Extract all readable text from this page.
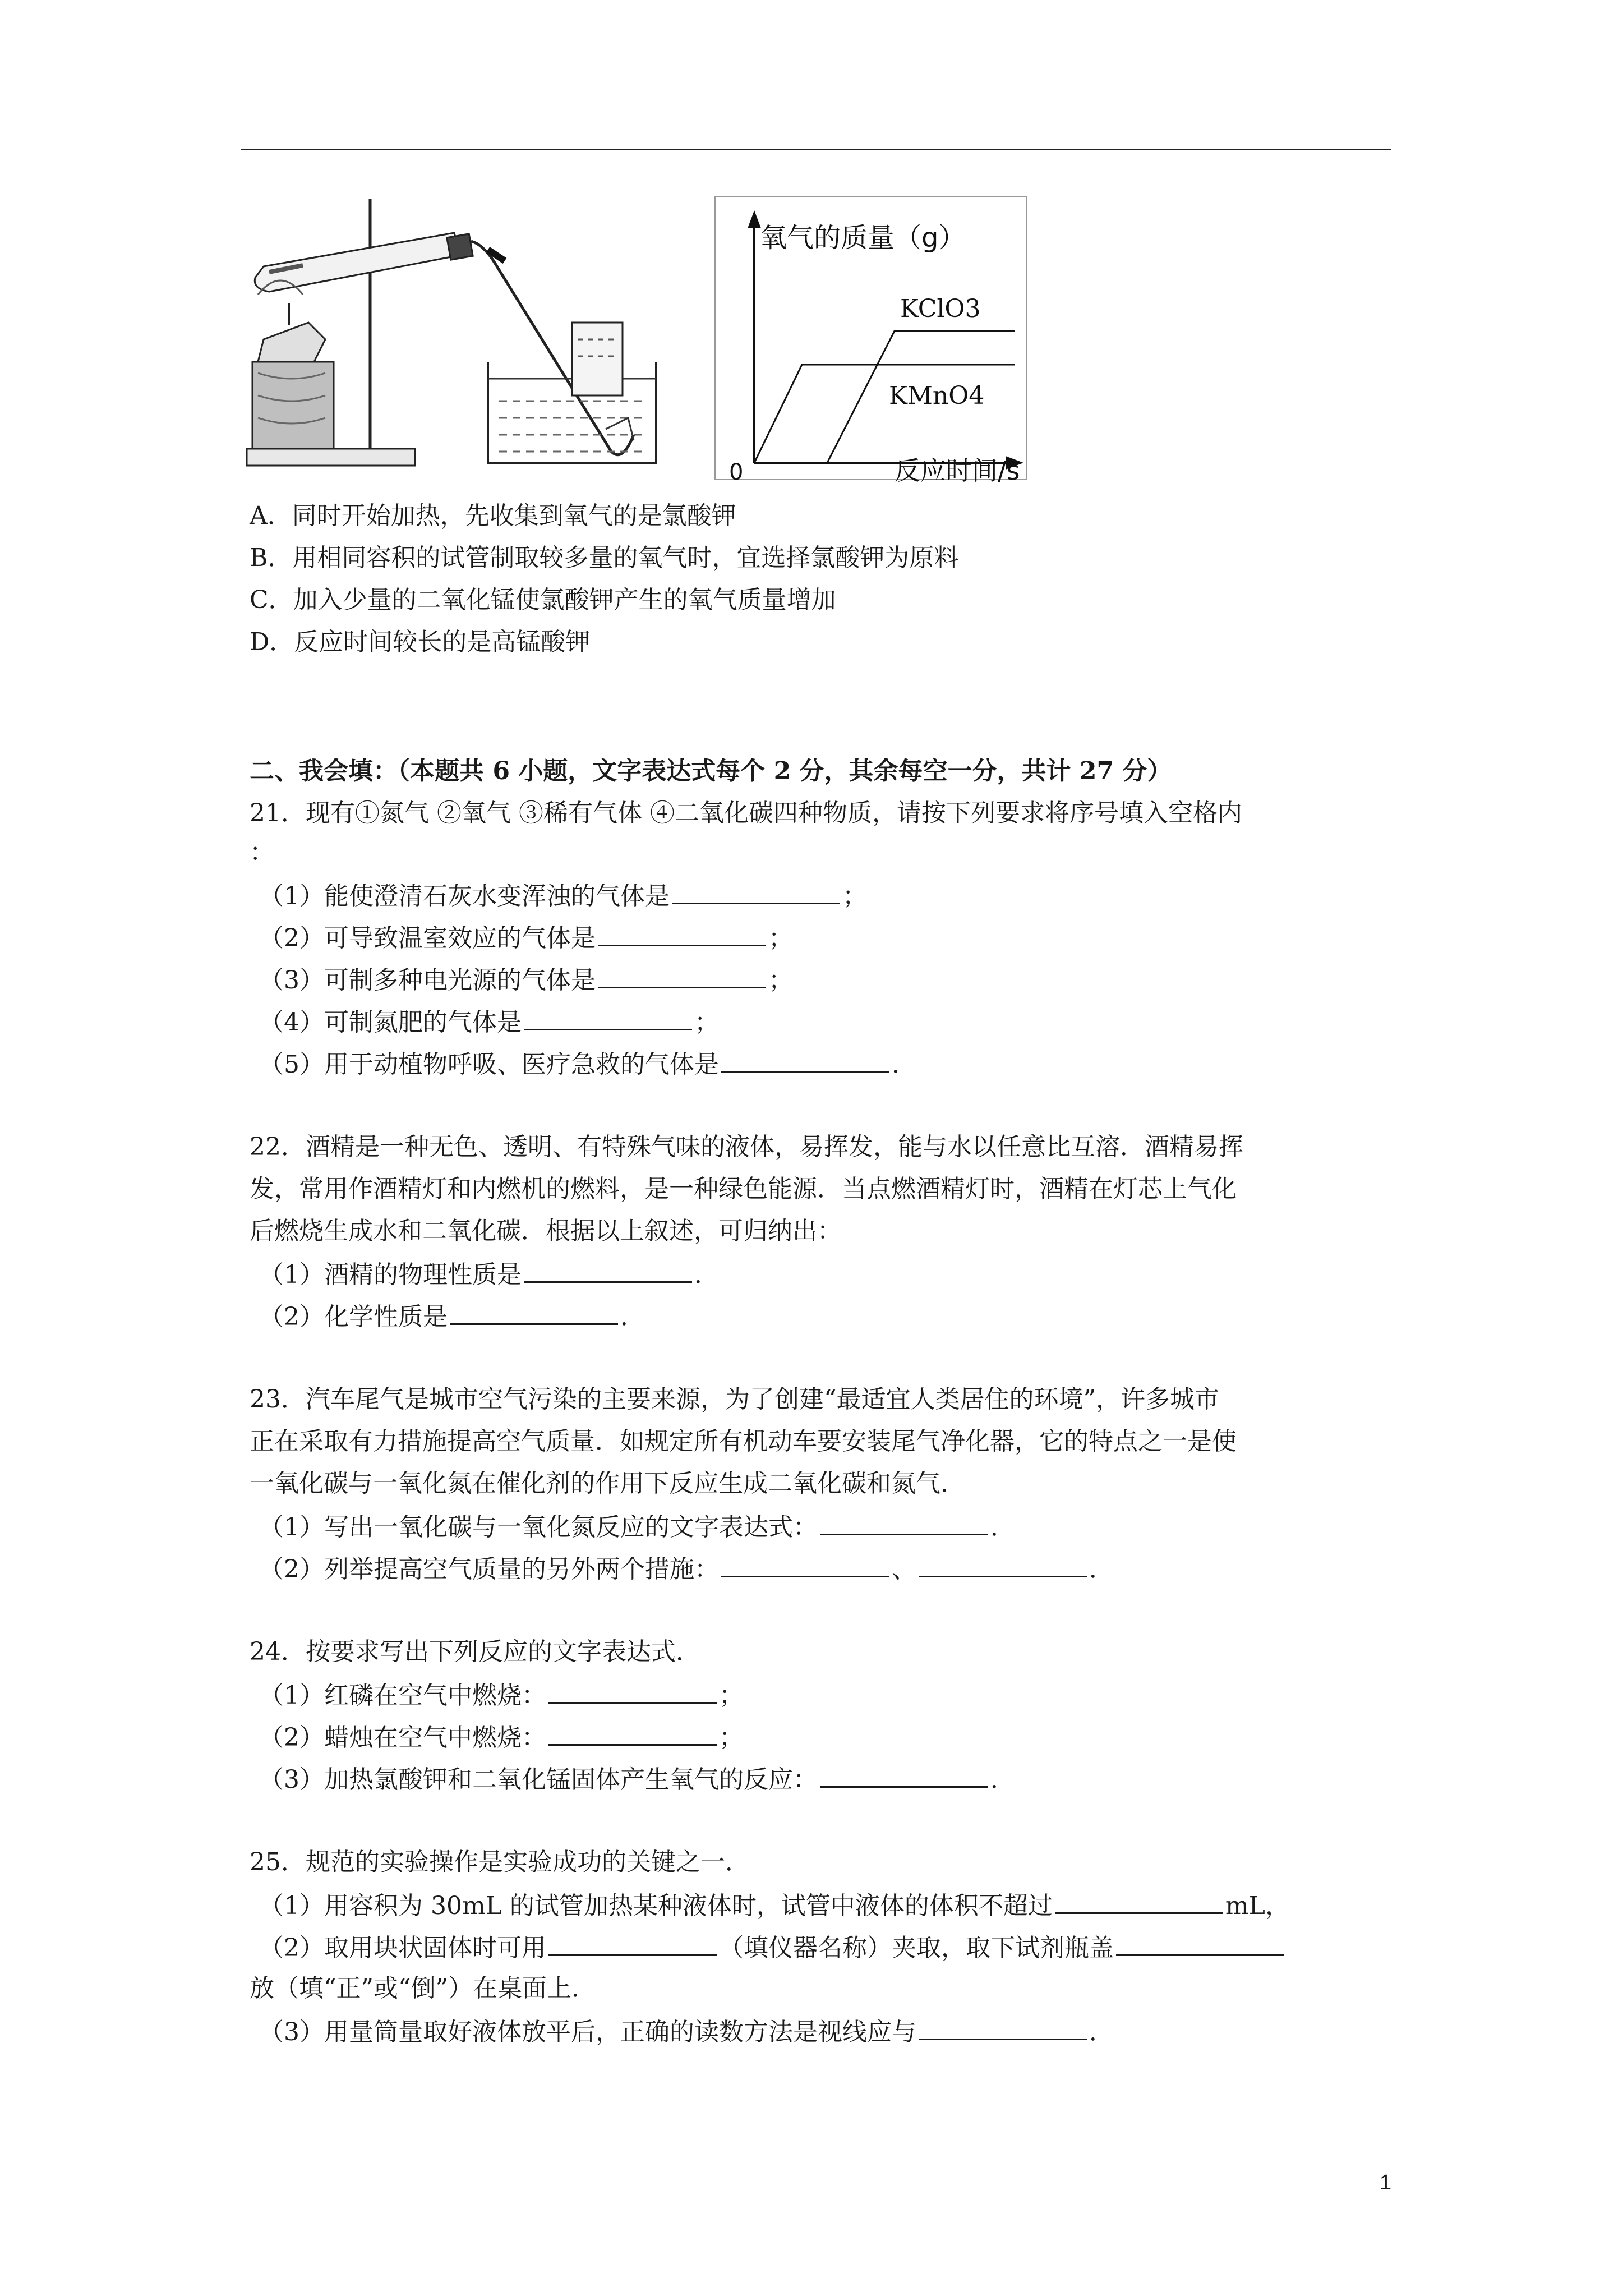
氧气的质量（g）
反应时间/s
0
KClO3
KMnO4
A．同时开始加热，先收集到氧气的是氯酸钾
B．用相同容积的试管制取较多量的氧气时，宜选择氯酸钾为原料
C．加入少量的二氧化锰使氯酸钾产生的氧气质量增加
D．反应时间较长的是高锰酸钾
二、我会填：（本题共 6 小题，文字表达式每个 2 分，其余每空一分，共计 27 分）
21．现有①氮气 ②氧气 ③稀有气体 ④二氧化碳四种物质，请按下列要求将序号填入空格内
：
（1）能使澄清石灰水变浑浊的气体是	；
（2）可导致温室效应的气体是	；
（3）可制多种电光源的气体是	；
（4）可制氮肥的气体是	；
（5）用于动植物呼吸、医疗急救的气体是	．
22．酒精是一种无色、透明、有特殊气味的液体，易挥发，能与水以任意比互溶．酒精易挥
发，常用作酒精灯和内燃机的燃料，是一种绿色能源．当点燃酒精灯时，酒精在灯芯上气化
后燃烧生成水和二氧化碳．根据以上叙述，可归纳出：
（1）酒精的物理性质是	．
（2）化学性质是	．
23．汽车尾气是城市空气污染的主要来源，为了创建“最适宜人类居住的环境”，许多城市
正在采取有力措施提高空气质量．如规定所有机动车要安装尾气净化器，它的特点之一是使
一氧化碳与一氧化氮在催化剂的作用下反应生成二氧化碳和氮气．
（1）写出一氧化碳与一氧化氮反应的文字表达式：	．
（2）列举提高空气质量的另外两个措施：	、	．
24．按要求写出下列反应的文字表达式．
（1）红磷在空气中燃烧：	；
（2）蜡烛在空气中燃烧：	；
（3）加热氯酸钾和二氧化锰固体产生氧气的反应：	．
25．规范的实验操作是实验成功的关键之一．
（1）用容积为 30mL 的试管加热某种液体时，试管中液体的体积不超过	mL，
（2）取用块状固体时可用	（填仪器名称）夹取，取下试剂瓶盖
放（填“正”或“倒”）在桌面上．
（3）用量筒量取好液体放平后，正确的读数方法是视线应与	．
1
